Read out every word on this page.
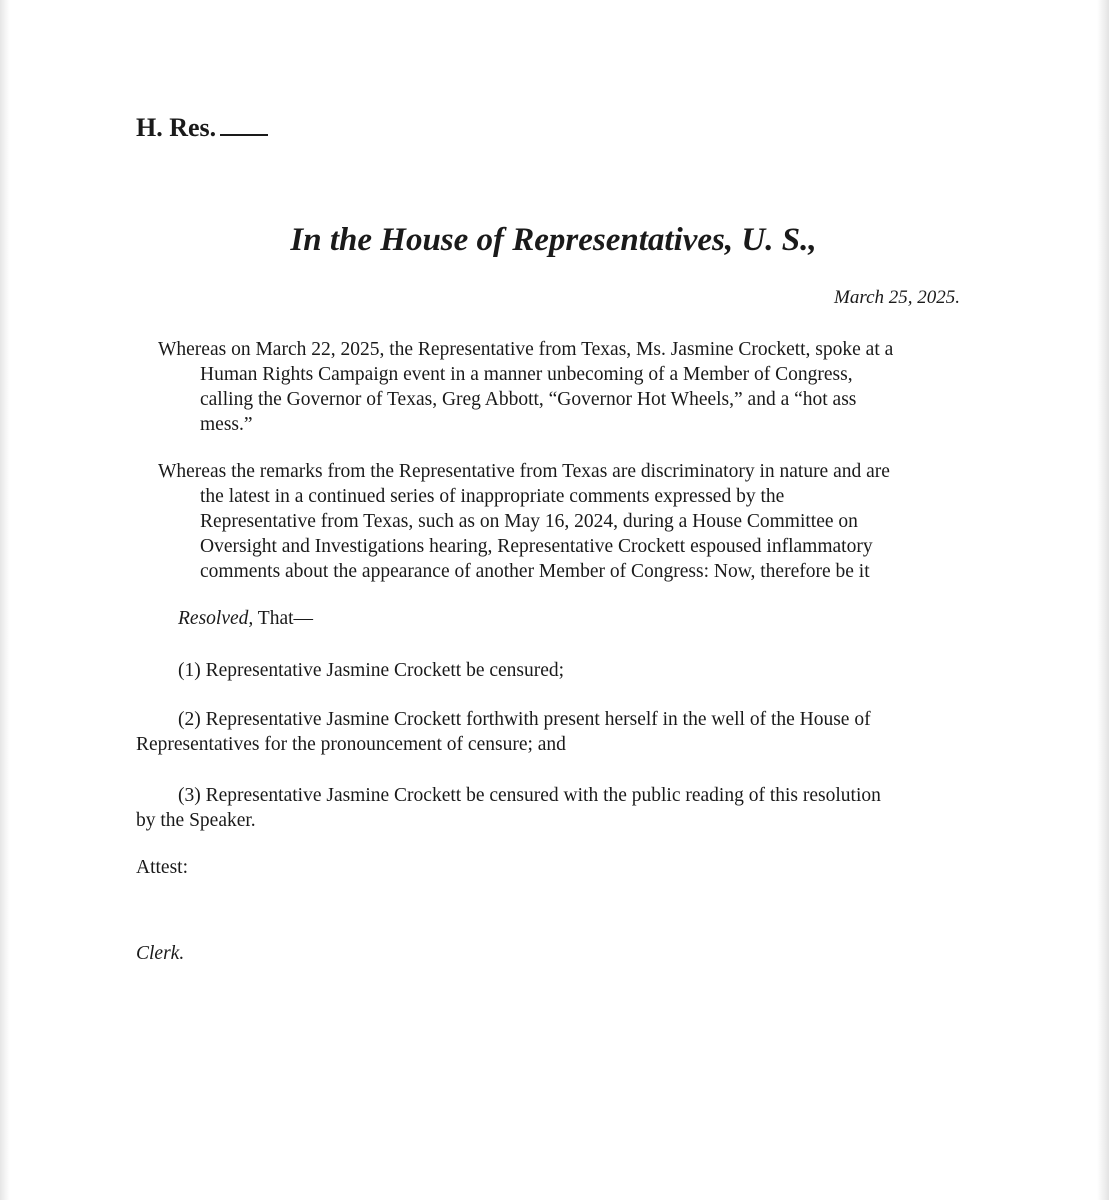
H. Res.
In the House of Representatives, U. S.,
March 25, 2025.
Whereas on March 22, 2025, the Representative from Texas, Ms. Jasmine Crockett, spoke at a
Human Rights Campaign event in a manner unbecoming of a Member of Congress,
calling the Governor of Texas, Greg Abbott, “Governor Hot Wheels,” and a “hot ass
mess.”
Whereas the remarks from the Representative from Texas are discriminatory in nature and are
the latest in a continued series of inappropriate comments expressed by the
Representative from Texas, such as on May 16, 2024, during a House Committee on
Oversight and Investigations hearing, Representative Crockett espoused inflammatory
comments about the appearance of another Member of Congress: Now, therefore be it
Resolved, That—
(1) Representative Jasmine Crockett be censured;
(2) Representative Jasmine Crockett forthwith present herself in the well of the House of
Representatives for the pronouncement of censure; and
(3) Representative Jasmine Crockett be censured with the public reading of this resolution
by the Speaker.
Attest:
Clerk.
